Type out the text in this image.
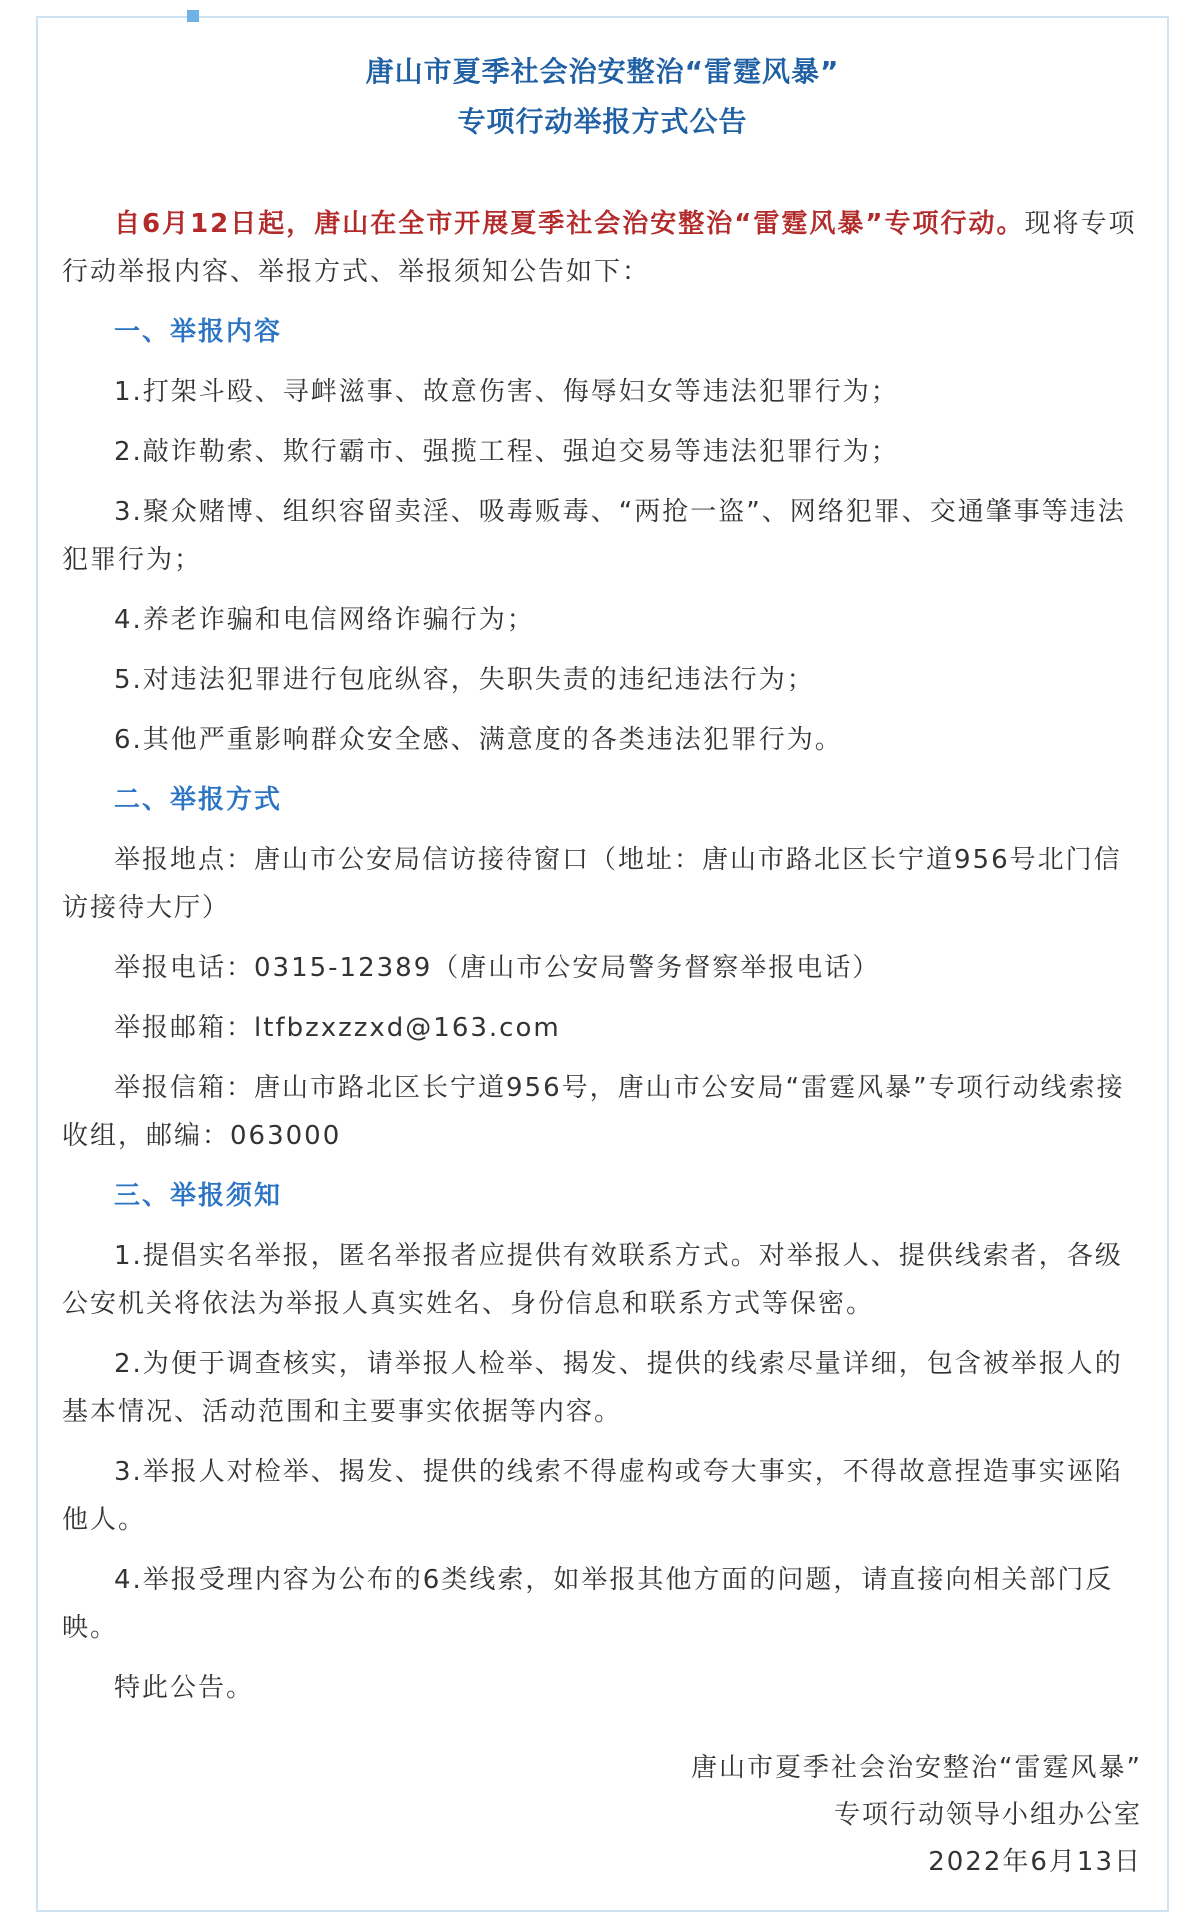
唐山市夏季社会治安整治“雷霆风暴”
专项行动举报方式公告

自6月12日起，唐山在全市开展夏季社会治安整治“雷霆风暴”专项行动。现将专项行动举报内容、举报方式、举报须知公告如下：

一、举报内容

1.打架斗殴、寻衅滋事、故意伤害、侮辱妇女等违法犯罪行为；

2.敲诈勒索、欺行霸市、强揽工程、强迫交易等违法犯罪行为；

3.聚众赌博、组织容留卖淫、吸毒贩毒、“两抢一盗”、网络犯罪、交通肇事等违法犯罪行为；

4.养老诈骗和电信网络诈骗行为；

5.对违法犯罪进行包庇纵容，失职失责的违纪违法行为；

6.其他严重影响群众安全感、满意度的各类违法犯罪行为。

二、举报方式

举报地点：唐山市公安局信访接待窗口（地址：唐山市路北区长宁道956号北门信访接待大厅）

举报电话：0315-12389（唐山市公安局警务督察举报电话）

举报邮箱：ltfbzxzzxd@163.com

举报信箱：唐山市路北区长宁道956号，唐山市公安局“雷霆风暴”专项行动线索接收组，邮编：063000

三、举报须知

1.提倡实名举报，匿名举报者应提供有效联系方式。对举报人、提供线索者，各级公安机关将依法为举报人真实姓名、身份信息和联系方式等保密。

2.为便于调查核实，请举报人检举、揭发、提供的线索尽量详细，包含被举报人的基本情况、活动范围和主要事实依据等内容。

3.举报人对检举、揭发、提供的线索不得虚构或夸大事实，不得故意捏造事实诬陷他人。

4.举报受理内容为公布的6类线索，如举报其他方面的问题，请直接向相关部门反映。

特此公告。

唐山市夏季社会治安整治“雷霆风暴”
专项行动领导小组办公室
2022年6月13日
